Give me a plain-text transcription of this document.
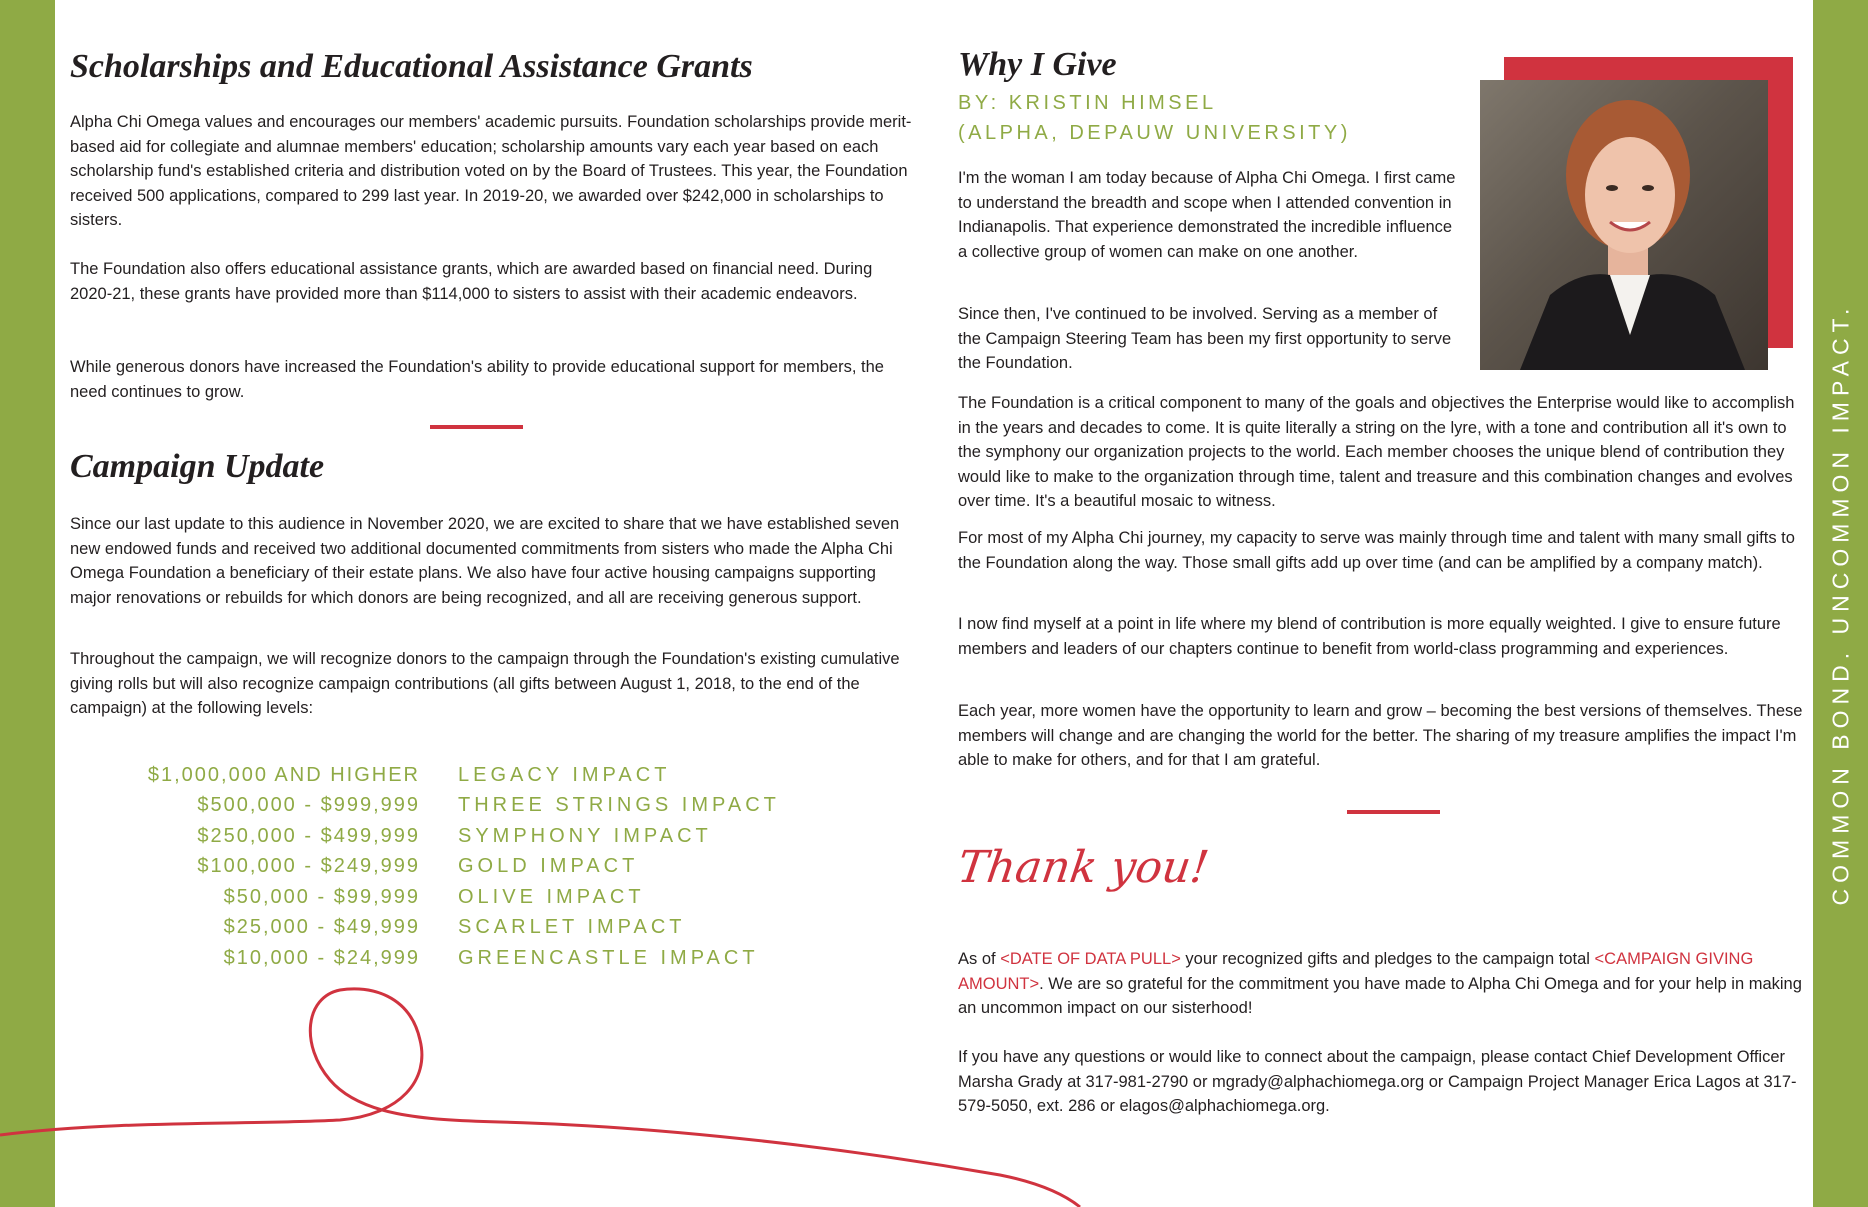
COMMON BOND. UNCOMMON IMPACT.
Scholarships and Educational Assistance Grants

Alpha Chi Omega values and encourages our members' academic pursuits. Foundation scholarships provide merit-based aid for collegiate and alumnae members' education; scholarship amounts vary each year based on each scholarship fund's established criteria and distribution voted on by the Board of Trustees. This year, the Foundation received 500 applications, compared to 299 last year. In 2019-20, we awarded over $242,000 in scholarships to sisters.

The Foundation also offers educational assistance grants, which are awarded based on financial need. During 2020-21, these grants have provided more than $114,000 to sisters to assist with their academic endeavors.

While generous donors have increased the Foundation's ability to provide educational support for members, the need continues to grow.

Campaign Update

Since our last update to this audience in November 2020, we are excited to share that we have established seven new endowed funds and received two additional documented commitments from sisters who made the Alpha Chi Omega Foundation a beneficiary of their estate plans. We also have four active housing campaigns supporting major renovations or rebuilds for which donors are being recognized, and all are receiving generous support.

Throughout the campaign, we will recognize donors to the campaign through the Foundation's existing cumulative giving rolls but will also recognize campaign contributions (all gifts between August 1, 2018, to the end of the campaign) at the following levels:

$1,000,000 AND HIGHER LEGACY IMPACT
$500,000 - $999,999 THREE STRINGS IMPACT
$250,000 - $499,999 SYMPHONY IMPACT
$100,000 - $249,999 GOLD IMPACT
$50,000 - $99,999 OLIVE IMPACT
$25,000 - $49,999 SCARLET IMPACT
$10,000 - $24,999 GREENCASTLE IMPACT
Why I Give
BY: KRISTIN HIMSEL
(ALPHA, DEPAUW UNIVERSITY)

I'm the woman I am today because of Alpha Chi Omega. I first came to understand the breadth and scope when I attended convention in Indianapolis. That experience demonstrated the incredible influence a collective group of women can make on one another.

Since then, I've continued to be involved. Serving as a member of the Campaign Steering Team has been my first opportunity to serve the Foundation.

The Foundation is a critical component to many of the goals and objectives the Enterprise would like to accomplish in the years and decades to come. It is quite literally a string on the lyre, with a tone and contribution all it's own to the symphony our organization projects to the world. Each member chooses the unique blend of contribution they would like to make to the organization through time, talent and treasure and this combination changes and evolves over time. It's a beautiful mosaic to witness.

For most of my Alpha Chi journey, my capacity to serve was mainly through time and talent with many small gifts to the Foundation along the way. Those small gifts add up over time (and can be amplified by a company match).

I now find myself at a point in life where my blend of contribution is more equally weighted. I give to ensure future members and leaders of our chapters continue to benefit from world-class programming and experiences.

Each year, more women have the opportunity to learn and grow – becoming the best versions of themselves. These members will change and are changing the world for the better. The sharing of my treasure amplifies the impact I'm able to make for others, and for that I am grateful.

Thank you!

As of <DATE OF DATA PULL> your recognized gifts and pledges to the campaign total <CAMPAIGN GIVING AMOUNT>. We are so grateful for the commitment you have made to Alpha Chi Omega and for your help in making an uncommon impact on our sisterhood!

If you have any questions or would like to connect about the campaign, please contact Chief Development Officer Marsha Grady at 317-981-2790 or mgrady@alphachiomega.org or Campaign Project Manager Erica Lagos at 317-579-5050, ext. 286 or elagos@alphachiomega.org.
